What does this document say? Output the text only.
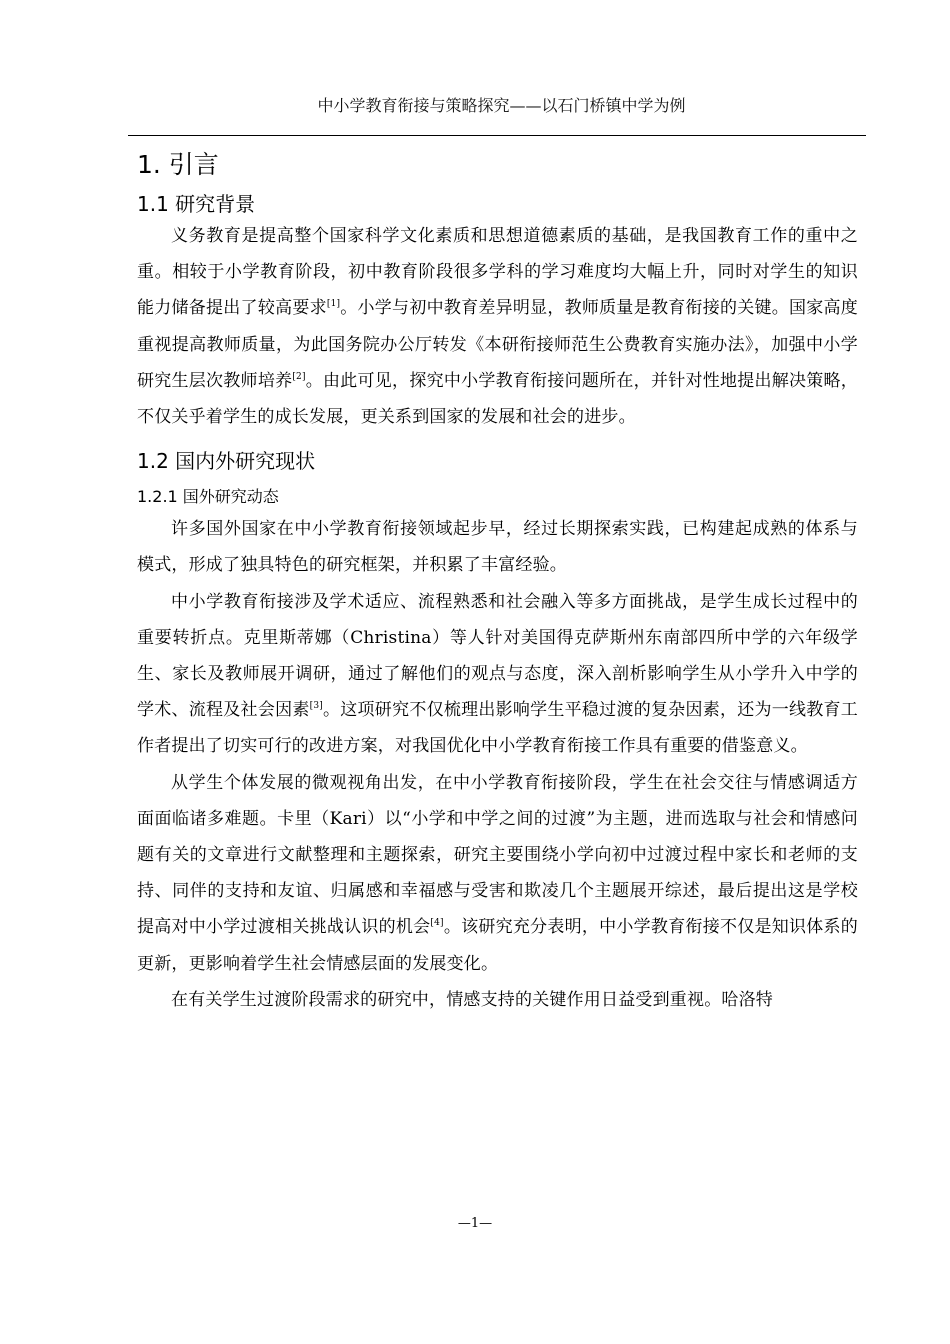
中小学教育衔接与策略探究——以石门桥镇中学为例
1. 引言
1.1 研究背景

义务教育是提高整个国家科学文化素质和思想道德素质的基础，是我国教育工作的重中之重。相较于小学教育阶段，初中教育阶段很多学科的学习难度均大幅上升，同时对学生的知识能力储备提出了较高要求[1]。小学与初中教育差异明显，教师质量是教育衔接的关键。国家高度重视提高教师质量，为此国务院办公厅转发《本研衔接师范生公费教育实施办法》，加强中小学研究生层次教师培养[2]。由此可见，探究中小学教育衔接问题所在，并针对性地提出解决策略，不仅关乎着学生的成长发展，更关系到国家的发展和社会的进步。

1.2 国内外研究现状
1.2.1 国外研究动态

许多国外国家在中小学教育衔接领域起步早，经过长期探索实践，已构建起成熟的体系与模式，形成了独具特色的研究框架，并积累了丰富经验。

中小学教育衔接涉及学术适应、流程熟悉和社会融入等多方面挑战，是学生成长过程中的重要转折点。克里斯蒂娜（Christina）等人针对美国得克萨斯州东南部四所中学的六年级学生、家长及教师展开调研，通过了解他们的观点与态度，深入剖析影响学生从小学升入中学的学术、流程及社会因素[3]。这项研究不仅梳理出影响学生平稳过渡的复杂因素，还为一线教育工作者提出了切实可行的改进方案，对我国优化中小学教育衔接工作具有重要的借鉴意义。

从学生个体发展的微观视角出发，在中小学教育衔接阶段，学生在社会交往与情感调适方面面临诸多难题。卡里（Kari）以“小学和中学之间的过渡”为主题，进而选取与社会和情感问题有关的文章进行文献整理和主题探索，研究主要围绕小学向初中过渡过程中家长和老师的支持、同伴的支持和友谊、归属感和幸福感与受害和欺凌几个主题展开综述，最后提出这是学校提高对中小学过渡相关挑战认识的机会[4]。该研究充分表明，中小学教育衔接不仅是知识体系的更新，更影响着学生社会情感层面的发展变化。

在有关学生过渡阶段需求的研究中，情感支持的关键作用日益受到重视。哈洛特

—1—
